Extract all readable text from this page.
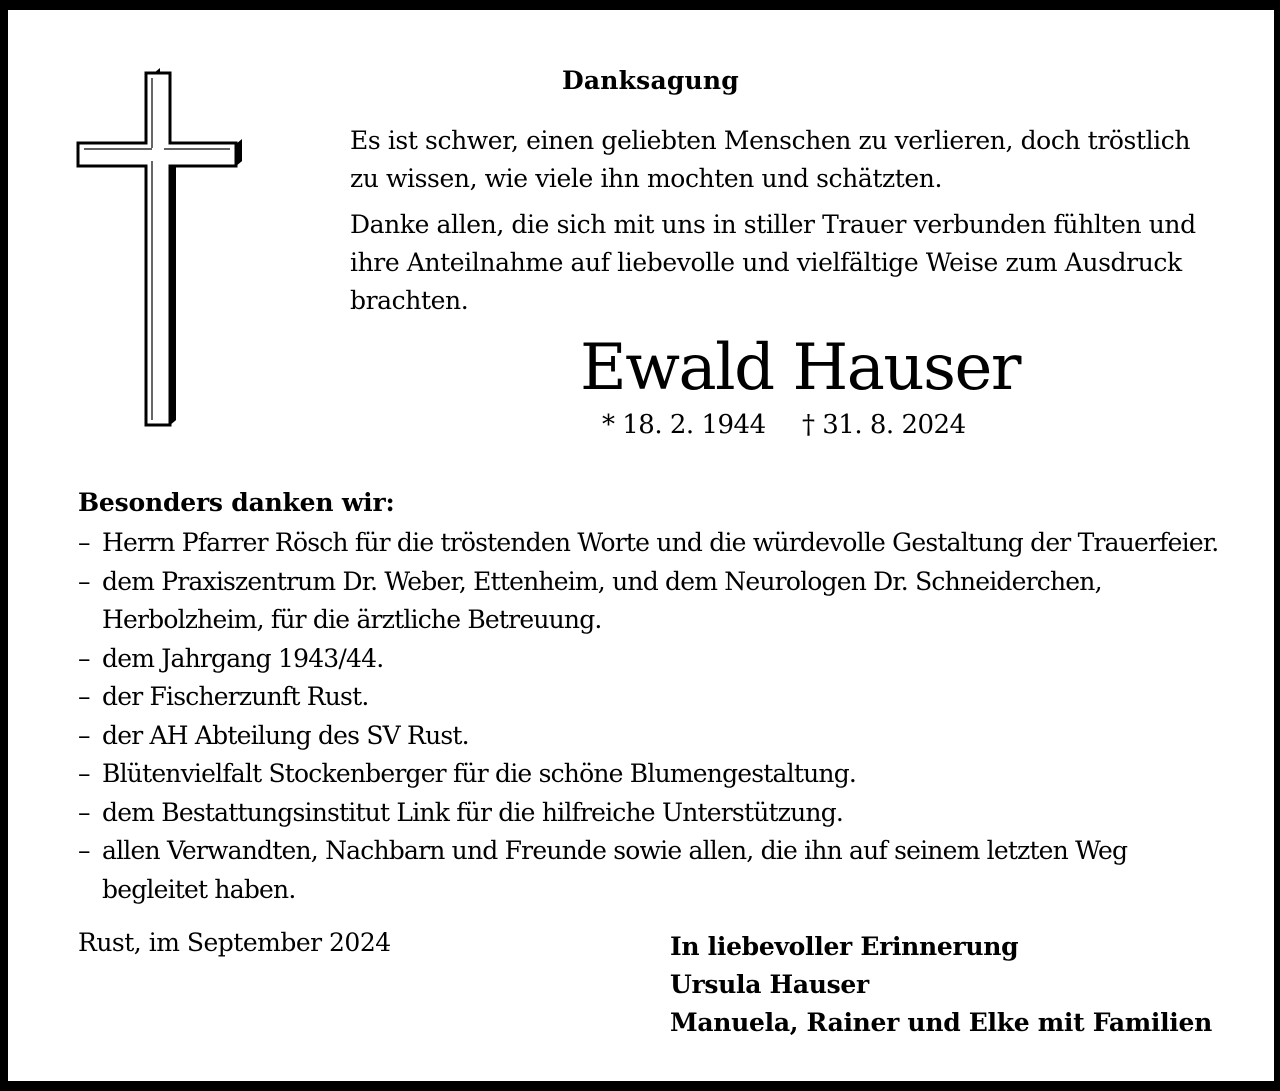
Danksagung

Es ist schwer, einen geliebten Menschen zu verlieren, doch tröstlich
zu wissen, wie viele ihn mochten und schätzten.

Danke allen, die sich mit uns in stiller Trauer verbunden fühlten und
ihre Anteilnahme auf liebevolle und vielfältige Weise zum Ausdruck
brachten.

Ewald Hauser

* 18. 2. 1944 † 31. 8. 2024

Besonders danken wir:

– Herrn Pfarrer Rösch für die tröstenden Worte und die würdevolle Gestaltung der Trauerfeier.
– dem Praxiszentrum Dr. Weber, Ettenheim, und dem Neurologen Dr. Schneiderchen,
Herbolzheim, für die ärztliche Betreuung.
– dem Jahrgang 1943/44.
– der Fischerzunft Rust.
– der AH Abteilung des SV Rust.
– Blütenvielfalt Stockenberger für die schöne Blumengestaltung.
– dem Bestattungsinstitut Link für die hilfreiche Unterstützung.
– allen Verwandten, Nachbarn und Freunde sowie allen, die ihn auf seinem letzten Weg
begleitet haben.

Rust, im September 2024	In liebevoller Erinnerung
Ursula Hauser
Manuela, Rainer und Elke mit Familien
